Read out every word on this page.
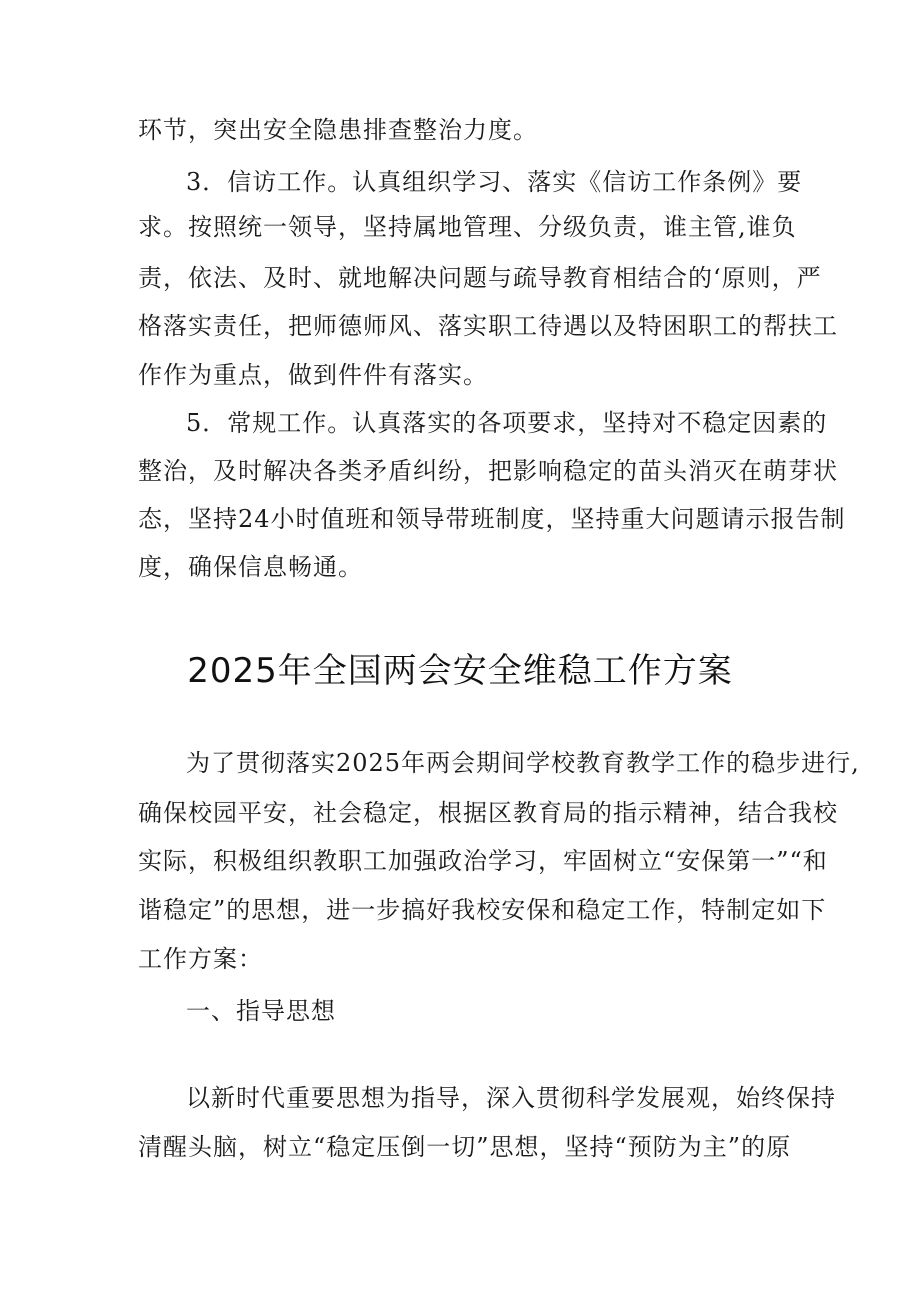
环节，突出安全隐患排查整治力度。
3．信访工作。认真组织学习、落实《信访工作条例》要
求。按照统一领导，坚持属地管理、分级负责，谁主管,谁负
责，依法、及时、就地解决问题与疏导教育相结合的‘原则，严
格落实责任，把师德师风、落实职工待遇以及特困职工的帮扶工
作作为重点，做到件件有落实。
5．常规工作。认真落实的各项要求，坚持对不稳定因素的
整治，及时解决各类矛盾纠纷，把影响稳定的苗头消灭在萌芽状
态，坚持24小时值班和领导带班制度，坚持重大问题请示报告制
度，确保信息畅通。
2025年全国两会安全维稳工作方案
为了贯彻落实2025年两会期间学校教育教学工作的稳步进行,
确保校园平安，社会稳定，根据区教育局的指示精神，结合我校
实际，积极组织教职工加强政治学习，牢固树立“安保第一”“和
谐稳定”的思想，进一步搞好我校安保和稳定工作，特制定如下
工作方案：
一、指导思想
以新时代重要思想为指导，深入贯彻科学发展观，始终保持
清醒头脑，树立“稳定压倒一切”思想，坚持“预防为主”的原
